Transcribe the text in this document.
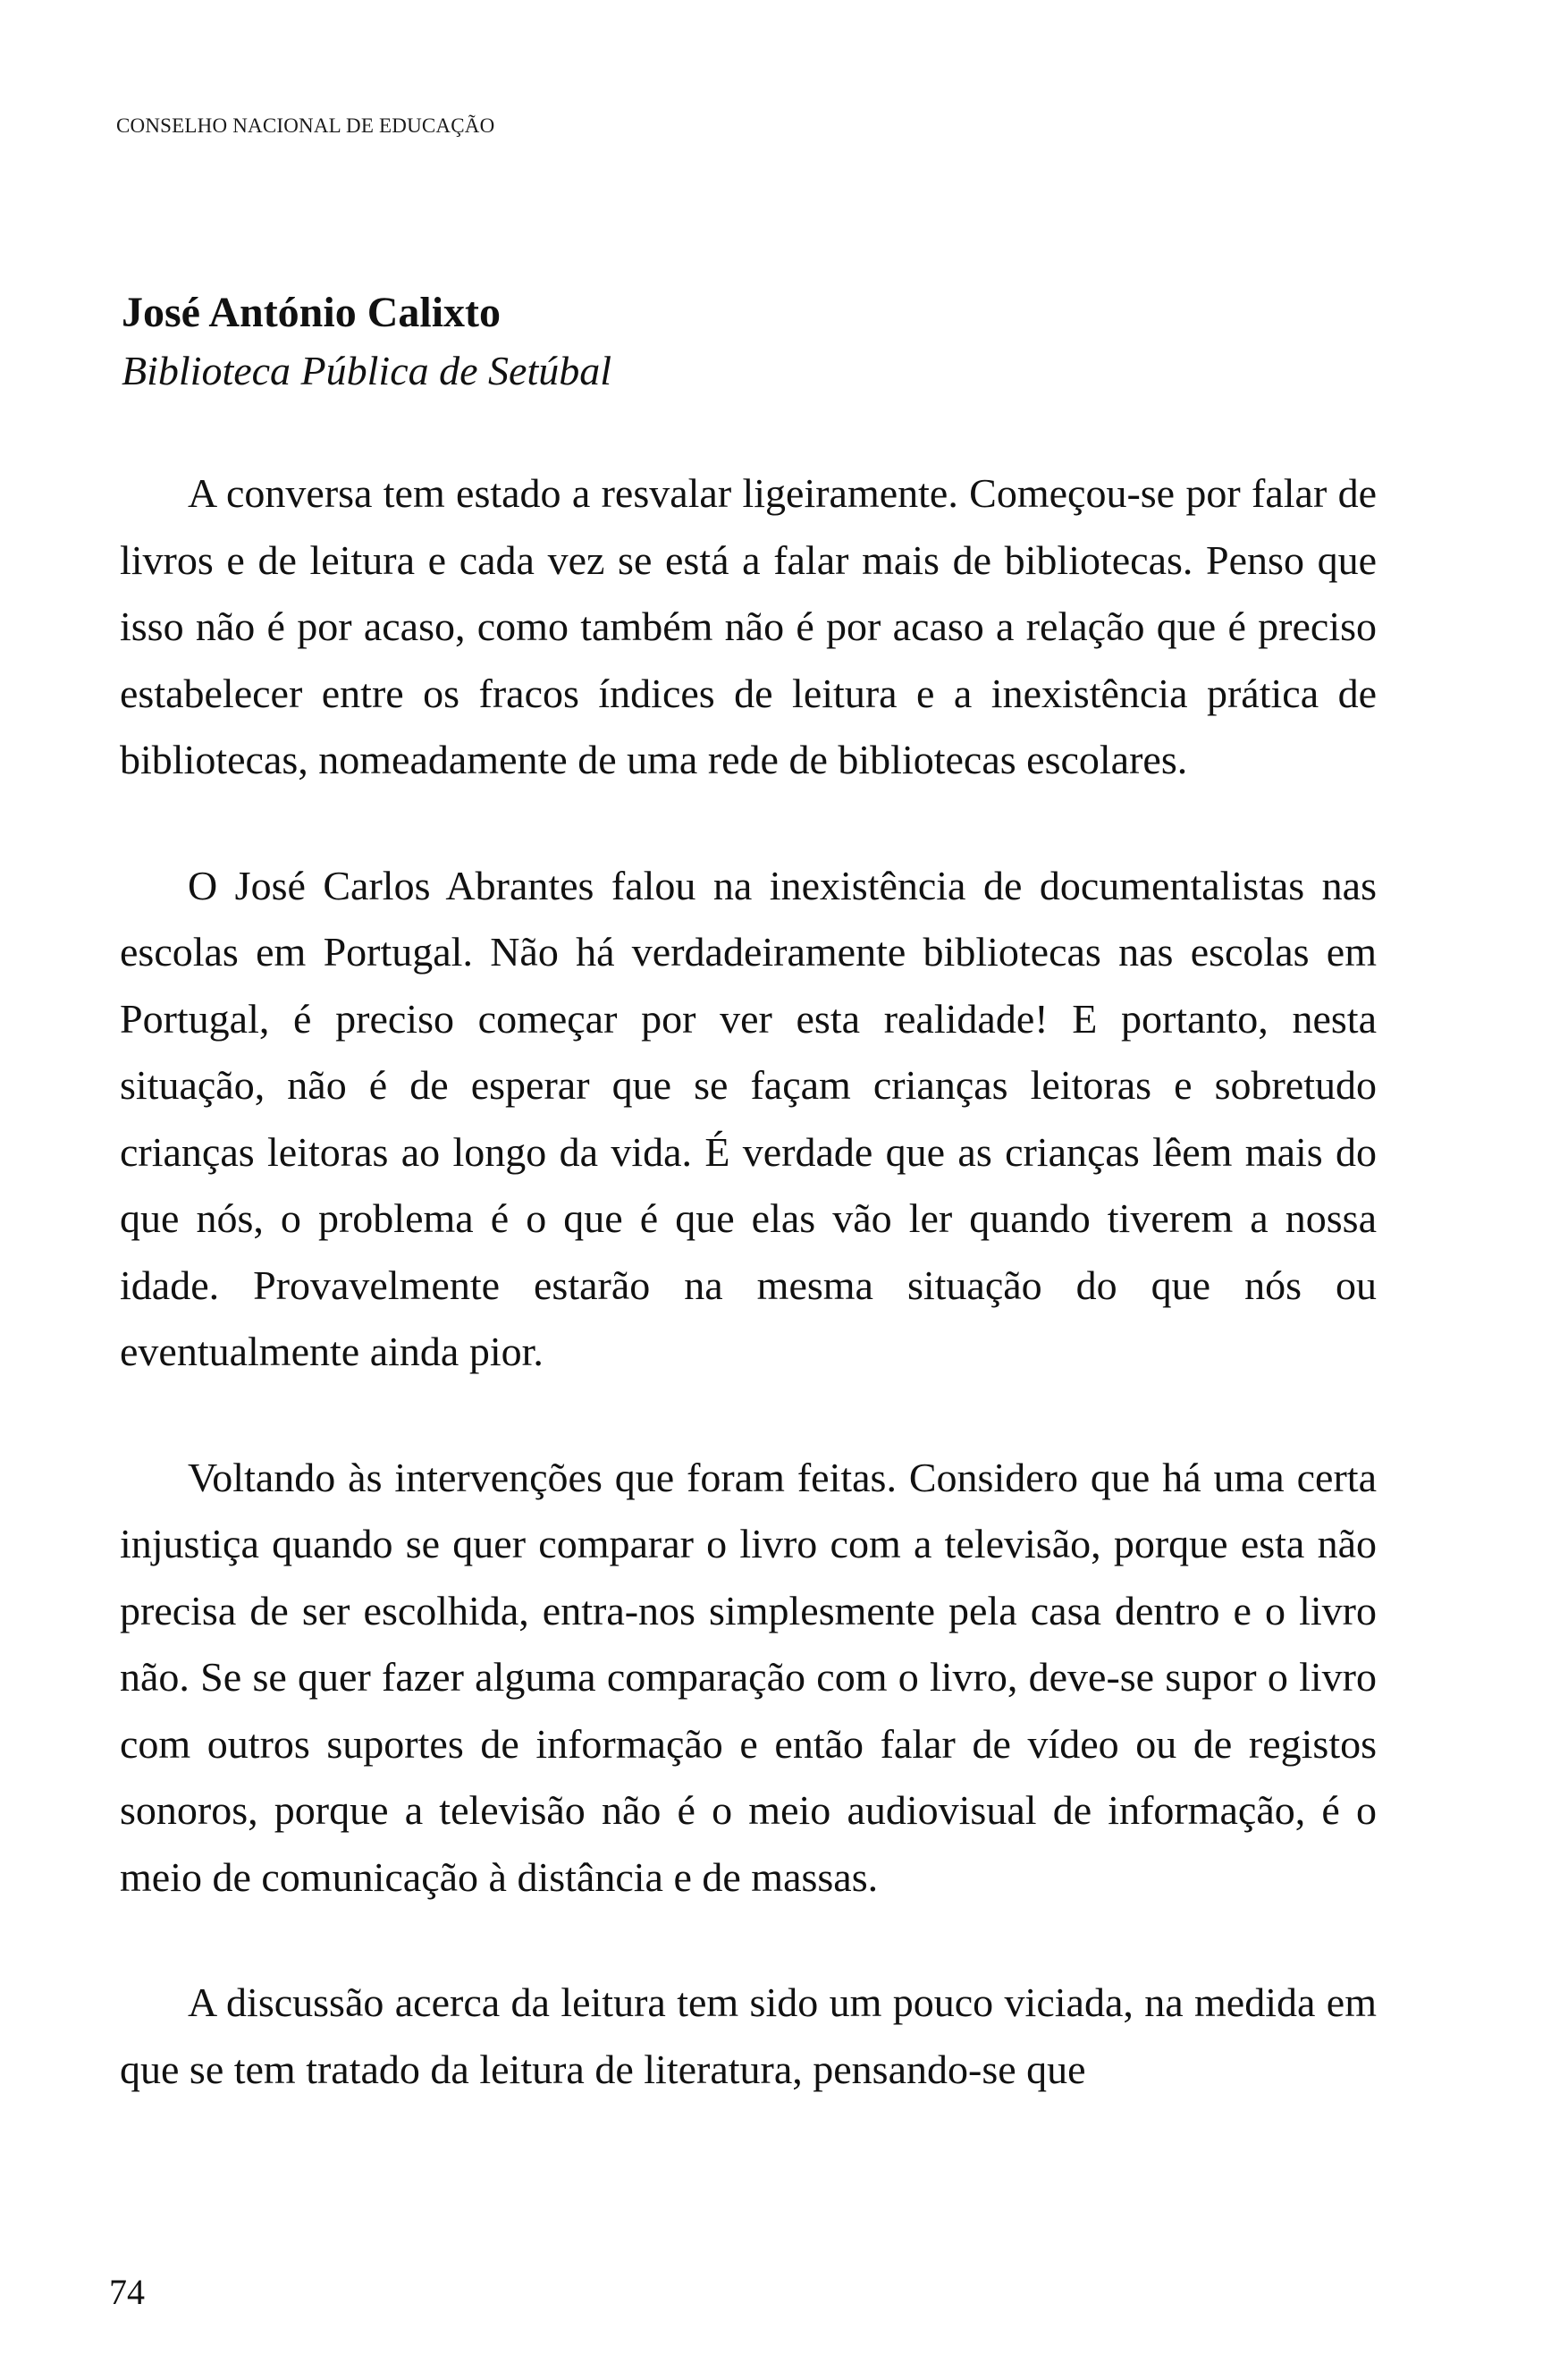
CONSELHO NACIONAL DE EDUCAÇÃO
José António Calixto
Biblioteca Pública de Setúbal

A conversa tem estado a resvalar ligeiramente. Começou-se por falar de livros e de leitura e cada vez se está a falar mais de bibliotecas. Penso que isso não é por acaso, como também não é por acaso a relação que é preciso estabelecer entre os fracos índices de leitura e a inexistência prática de bibliotecas, nomeadamente de uma rede de bibliotecas escolares.

O José Carlos Abrantes falou na inexistência de documentalistas nas escolas em Portugal. Não há verdadeiramente bibliotecas nas escolas em Portugal, é preciso começar por ver esta realidade! E portanto, nesta situação, não é de esperar que se façam crianças leitoras e sobretudo crianças leitoras ao longo da vida. É verdade que as crianças lêem mais do que nós, o problema é o que é que elas vão ler quando tiverem a nossa idade. Provavelmente estarão na mesma situação do que nós ou eventualmente ainda pior.

Voltando às intervenções que foram feitas. Considero que há uma certa injustiça quando se quer comparar o livro com a televisão, porque esta não precisa de ser escolhida, entra-nos simplesmente pela casa dentro e o livro não. Se se quer fazer alguma comparação com o livro, deve-se supor o livro com outros suportes de informação e então falar de vídeo ou de registos sonoros, porque a televisão não é o meio audiovisual de informação, é o meio de comunicação à distância e de massas.

A discussão acerca da leitura tem sido um pouco viciada, na medida em que se tem tratado da leitura de literatura, pensando-se que

74
